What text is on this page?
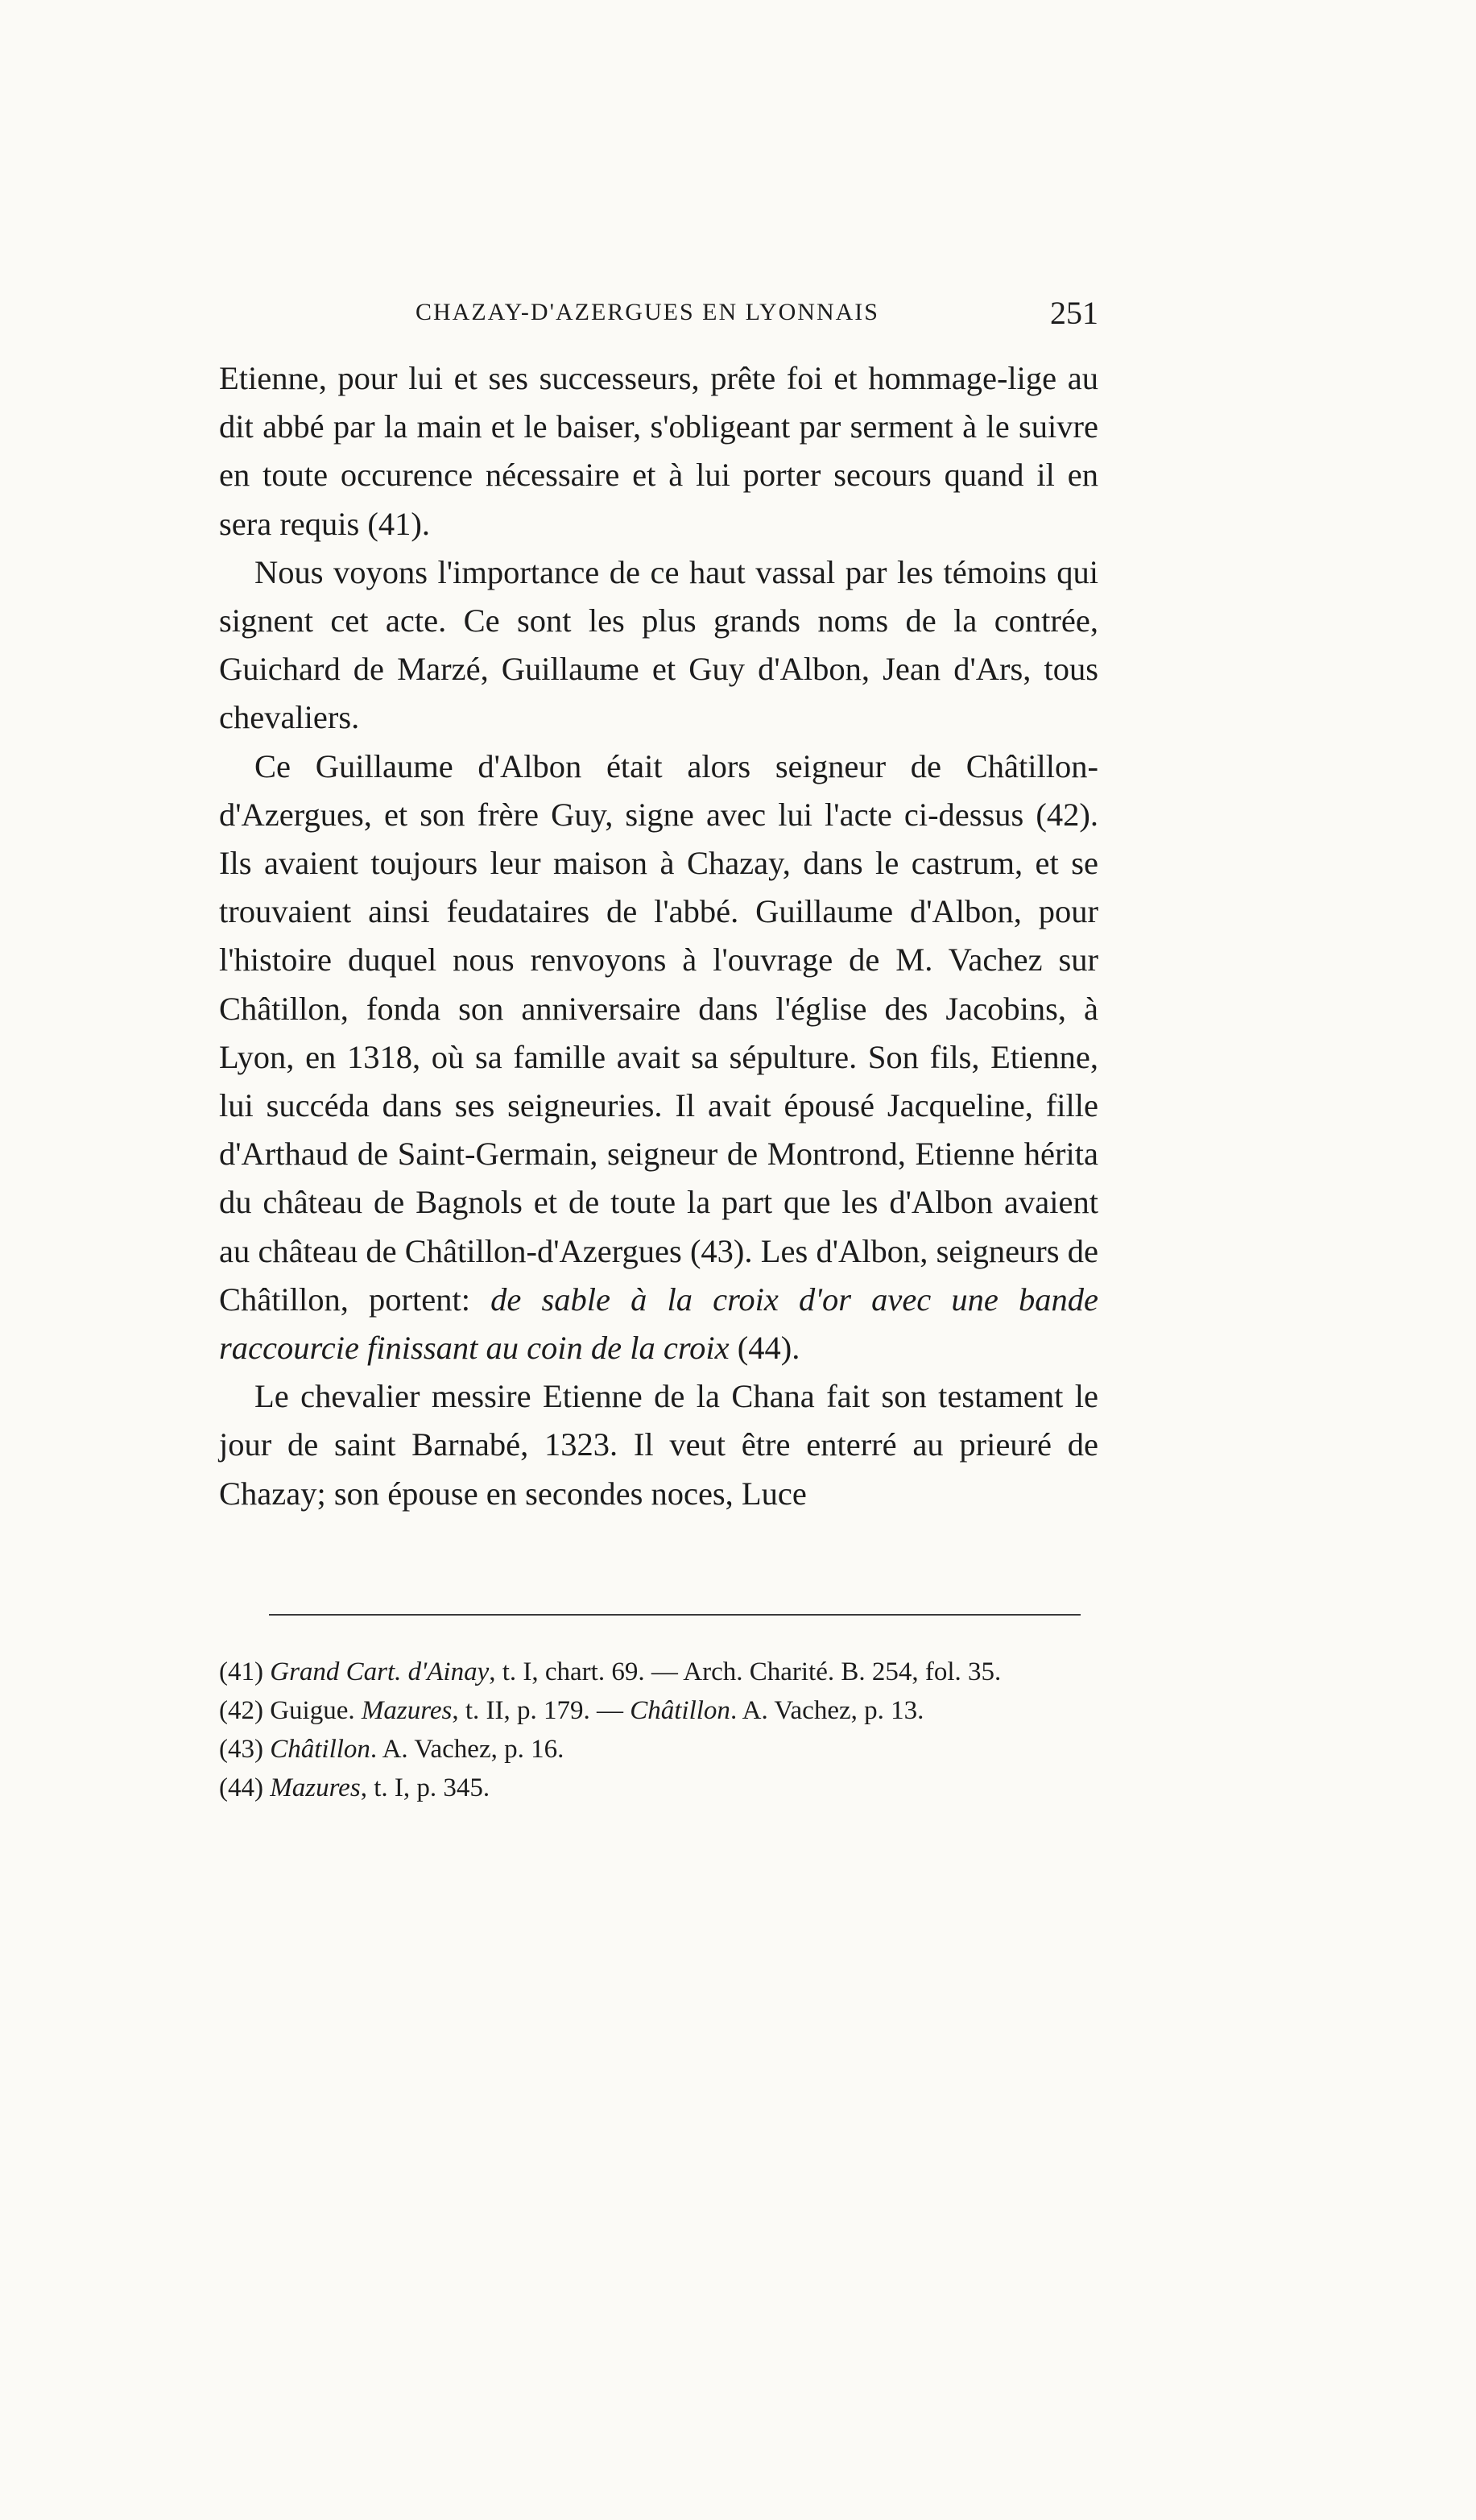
CHAZAY-D'AZERGUES EN LYONNAIS	251

Etienne, pour lui et ses successeurs, prête foi et hommage-lige au dit abbé par la main et le baiser, s'obligeant par serment à le suivre en toute occurence nécessaire et à lui porter secours quand il en sera requis (41).

Nous voyons l'importance de ce haut vassal par les témoins qui signent cet acte. Ce sont les plus grands noms de la contrée, Guichard de Marzé, Guillaume et Guy d'Albon, Jean d'Ars, tous chevaliers.

Ce Guillaume d'Albon était alors seigneur de Châtillon-d'Azergues, et son frère Guy, signe avec lui l'acte ci-dessus (42). Ils avaient toujours leur maison à Chazay, dans le castrum, et se trouvaient ainsi feudataires de l'abbé. Guillaume d'Albon, pour l'histoire duquel nous renvoyons à l'ouvrage de M. Vachez sur Châtillon, fonda son anniversaire dans l'église des Jacobins, à Lyon, en 1318, où sa famille avait sa sépulture. Son fils, Etienne, lui succéda dans ses seigneuries. Il avait épousé Jacqueline, fille d'Arthaud de Saint-Germain, seigneur de Montrond, Etienne hérita du château de Bagnols et de toute la part que les d'Albon avaient au château de Châtillon-d'Azergues (43). Les d'Albon, seigneurs de Châtillon, portent: de sable à la croix d'or avec une bande raccourcie finissant au coin de la croix (44).

Le chevalier messire Etienne de la Chana fait son testament le jour de saint Barnabé, 1323. Il veut être enterré au prieuré de Chazay; son épouse en secondes noces, Luce

(41) Grand Cart. d'Ainay, t. I, chart. 69. — Arch. Charité. B. 254, fol. 35.

(42) Guigue. Mazures, t. II, p. 179. — Châtillon. A. Vachez, p. 13.

(43) Châtillon. A. Vachez, p. 16.

(44) Mazures, t. I, p. 345.
